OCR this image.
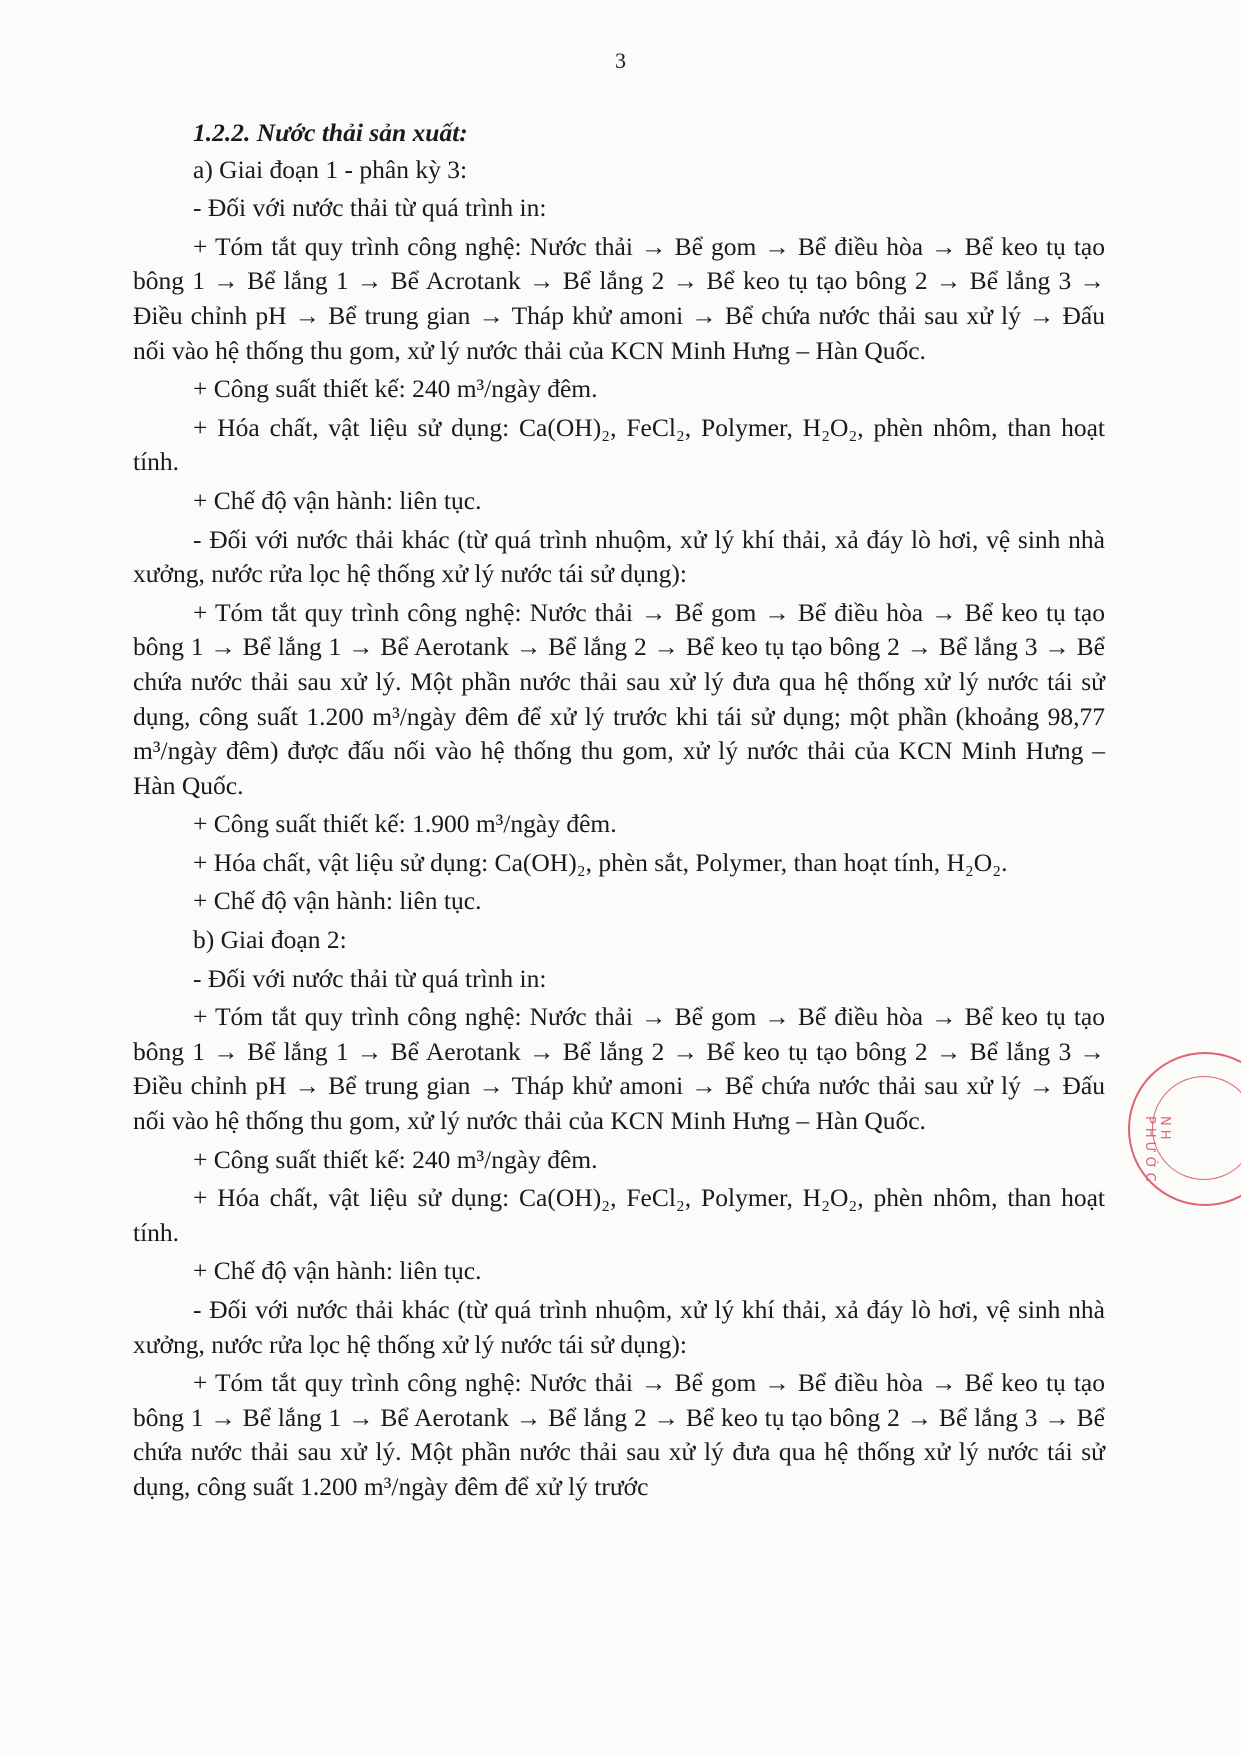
3
1.2.2. Nước thải sản xuất:

a) Giai đoạn 1 - phân kỳ 3:

- Đối với nước thải từ quá trình in:

+ Tóm tắt quy trình công nghệ: Nước thải → Bể gom → Bể điều hòa → Bể keo tụ tạo bông 1 → Bể lắng 1 → Bể Acrotank → Bể lắng 2 → Bể keo tụ tạo bông 2 → Bể lắng 3 → Điều chỉnh pH → Bể trung gian → Tháp khử amoni → Bể chứa nước thải sau xử lý → Đấu nối vào hệ thống thu gom, xử lý nước thải của KCN Minh Hưng – Hàn Quốc.

+ Công suất thiết kế: 240 m³/ngày đêm.

+ Hóa chất, vật liệu sử dụng: Ca(OH)₂, FeCl₂, Polymer, H₂O₂, phèn nhôm, than hoạt tính.

+ Chế độ vận hành: liên tục.

- Đối với nước thải khác (từ quá trình nhuộm, xử lý khí thải, xả đáy lò hơi, vệ sinh nhà xưởng, nước rửa lọc hệ thống xử lý nước tái sử dụng):

+ Tóm tắt quy trình công nghệ: Nước thải → Bể gom → Bể điều hòa → Bể keo tụ tạo bông 1 → Bể lắng 1 → Bể Aerotank → Bể lắng 2 → Bể keo tụ tạo bông 2 → Bể lắng 3 → Bể chứa nước thải sau xử lý. Một phần nước thải sau xử lý đưa qua hệ thống xử lý nước tái sử dụng, công suất 1.200 m³/ngày đêm để xử lý trước khi tái sử dụng; một phần (khoảng 98,77 m³/ngày đêm) được đấu nối vào hệ thống thu gom, xử lý nước thải của KCN Minh Hưng – Hàn Quốc.

+ Công suất thiết kế: 1.900 m³/ngày đêm.

+ Hóa chất, vật liệu sử dụng: Ca(OH)₂, phèn sắt, Polymer, than hoạt tính, H₂O₂.

+ Chế độ vận hành: liên tục.

b) Giai đoạn 2:

- Đối với nước thải từ quá trình in:

+ Tóm tắt quy trình công nghệ: Nước thải → Bể gom → Bể điều hòa → Bể keo tụ tạo bông 1 → Bể lắng 1 → Bể Aerotank → Bể lắng 2 → Bể keo tụ tạo bông 2 → Bể lắng 3 → Điều chỉnh pH → Bể trung gian → Tháp khử amoni → Bể chứa nước thải sau xử lý → Đấu nối vào hệ thống thu gom, xử lý nước thải của KCN Minh Hưng – Hàn Quốc.

+ Công suất thiết kế: 240 m³/ngày đêm.

+ Hóa chất, vật liệu sử dụng: Ca(OH)₂, FeCl₂, Polymer, H₂O₂, phèn nhôm, than hoạt tính.

+ Chế độ vận hành: liên tục.

- Đối với nước thải khác (từ quá trình nhuộm, xử lý khí thải, xả đáy lò hơi, vệ sinh nhà xưởng, nước rửa lọc hệ thống xử lý nước tái sử dụng):

+ Tóm tắt quy trình công nghệ: Nước thải → Bể gom → Bể điều hòa → Bể keo tụ tạo bông 1 → Bể lắng 1 → Bể Aerotank → Bể lắng 2 → Bể keo tụ tạo bông 2 → Bể lắng 3 → Bể chứa nước thải sau xử lý. Một phần nước thải sau xử lý đưa qua hệ thống xử lý nước tái sử dụng, công suất 1.200 m³/ngày đêm để xử lý trước

NH PHƯỚC
